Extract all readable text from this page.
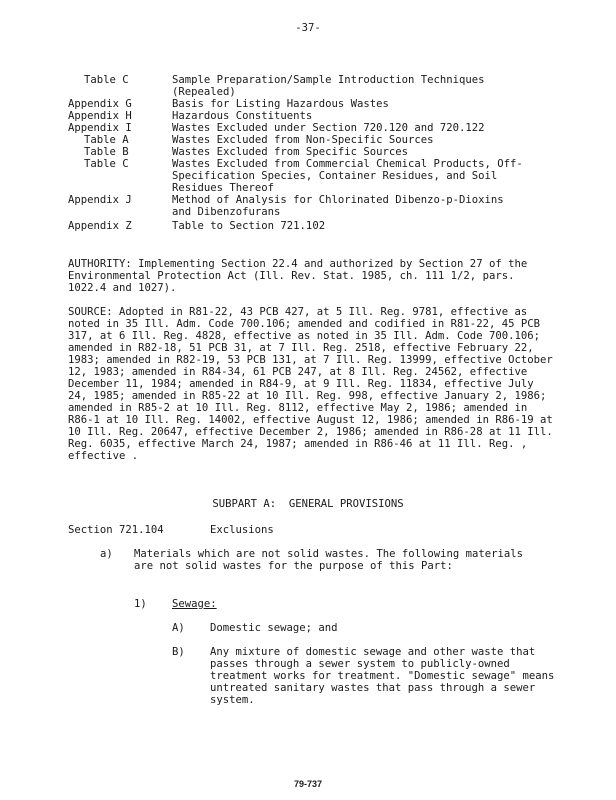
-37-
Table C	Sample Preparation/Sample Introduction Techniques (Repealed)
Appendix G	Basis for Listing Hazardous Wastes
Appendix H	Hazardous Constituents
Appendix I	Wastes Excluded under Section 720.120 and 720.122
Table A	Wastes Excluded from Non-Specific Sources
Table B	Wastes Excluded from Specific Sources
Table C	Wastes Excluded from Commercial Chemical Products, Off-Specification Species, Container Residues, and Soil Residues Thereof
Appendix J	Method of Analysis for Chlorinated Dibenzo-p-Dioxins and Dibenzofurans
Appendix Z	Table to Section 721.102
AUTHORITY: Implementing Section 22.4 and authorized by Section 27 of the Environmental Protection Act (Ill. Rev. Stat. 1985, ch. 111 1/2, pars. 1022.4 and 1027).
SOURCE: Adopted in R81-22, 43 PCB 427, at 5 Ill. Reg. 9781, effective as noted in 35 Ill. Adm. Code 700.106; amended and codified in R81-22, 45 PCB 317, at 6 Ill. Reg. 4828, effective as noted in 35 Ill. Adm. Code 700.106; amended in R82-18, 51 PCB 31, at 7 Ill. Reg. 2518, effective February 22, 1983; amended in R82-19, 53 PCB 131, at 7 Ill. Reg. 13999, effective October 12, 1983; amended in R84-34, 61 PCB 247, at 8 Ill. Reg. 24562, effective December 11, 1984; amended in R84-9, at 9 Ill. Reg. 11834, effective July 24, 1985; amended in R85-22 at 10 Ill. Reg. 998, effective January 2, 1986; amended in R85-2 at 10 Ill. Reg. 8112, effective May 2, 1986; amended in R86-1 at 10 Ill. Reg. 14002, effective August 12, 1986; amended in R86-19 at 10 Ill. Reg. 20647, effective December 2, 1986; amended in R86-28 at 11 Ill. Reg. 6035, effective March 24, 1987; amended in R86-46 at 11 Ill. Reg. , effective .
SUBPART A:  GENERAL PROVISIONS
Section 721.104	Exclusions
a) Materials which are not solid wastes. The following materials are not solid wastes for the purpose of this Part:
1) Sewage:
A) Domestic sewage; and
B) Any mixture of domestic sewage and other waste that passes through a sewer system to publicly-owned treatment works for treatment. "Domestic sewage" means untreated sanitary wastes that pass through a sewer system.
79-737
